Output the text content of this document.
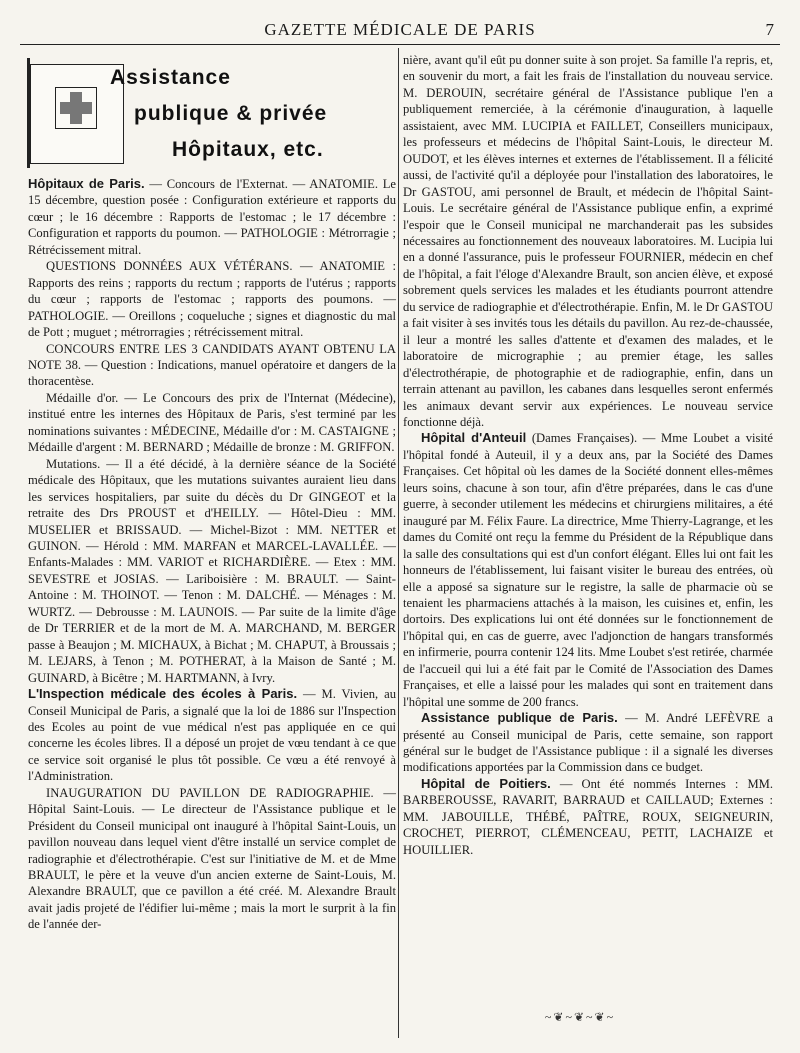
GAZETTE MÉDICALE DE PARIS	7
Assistance
publique & privée
Hôpitaux, etc.

Hôpitaux de Paris. — Concours de l'Externat. — ANATOMIE. Le 15 décembre, question posée : Configuration extérieure et rapports du cœur ; le 16 décembre : Rapports de l'estomac ; le 17 décembre : Configuration et rapports du poumon. — PATHOLOGIE : Métrorragie ; Rétrécissement mitral.

QUESTIONS DONNÉES AUX VÉTÉRANS. — ANATOMIE : Rapports des reins ; rapports du rectum ; rapports de l'utérus ; rapports du cœur ; rapports de l'estomac ; rapports des poumons. — PATHOLOGIE. — Oreillons ; coqueluche ; signes et diagnostic du mal de Pott ; muguet ; métrorragies ; rétrécissement mitral.

CONCOURS ENTRE LES 3 CANDIDATS AYANT OBTENU LA NOTE 38. — Question : Indications, manuel opératoire et dangers de la thoracentèse.

Médaille d'or. — Le Concours des prix de l'Internat (Médecine), institué entre les internes des Hôpitaux de Paris, s'est terminé par les nominations suivantes : MÉDECINE, Médaille d'or : M. CASTAIGNE ; Médaille d'argent : M. BERNARD ; Médaille de bronze : M. GRIFFON.

Mutations. — Il a été décidé, à la dernière séance de la Société médicale des Hôpitaux, que les mutations suivantes auraient lieu dans les services hospitaliers, par suite du décès du Dr GINGEOT et la retraite des Drs PROUST et d'HEILLY. — Hôtel-Dieu : MM. MUSELIER et BRISSAUD. — Michel-Bizot : MM. NETTER et GUINON. — Hérold : MM. MARFAN et MARCEL-LAVALLÉE. — Enfants-Malades : MM. VARIOT et RICHARDIÈRE. — Etex : MM. SEVESTRE et JOSIAS. — Lariboisière : M. BRAULT. — Saint-Antoine : M. THOINOT. — Tenon : M. DALCHÉ. — Ménages : M. WURTZ. — Debrousse : M. LAUNOIS. — Par suite de la limite d'âge de Dr TERRIER et de la mort de M. A. MARCHAND, M. BERGER passe à Beaujon ; M. MICHAUX, à Bichat ; M. CHAPUT, à Broussais ; M. LEJARS, à Tenon ; M. POTHERAT, à la Maison de Santé ; M. GUINARD, à Bicêtre ; M. HARTMANN, à Ivry.

L'Inspection médicale des écoles à Paris. — M. Vivien, au Conseil Municipal de Paris, a signalé que la loi de 1886 sur l'Inspection des Ecoles au point de vue médical n'est pas appliquée en ce qui concerne les écoles libres. Il a déposé un projet de vœu tendant à ce que ce service soit organisé le plus tôt possible. Ce vœu a été renvoyé à l'Administration.

INAUGURATION DU PAVILLON DE RADIOGRAPHIE. — Hôpital Saint-Louis. — Le directeur de l'Assistance publique et le Président du Conseil municipal ont inauguré à l'hôpital Saint-Louis, un pavillon nouveau dans lequel vient d'être installé un service complet de radiographie et d'électrothérapie. C'est sur l'initiative de M. et de Mme BRAULT, le père et la veuve d'un ancien externe de Saint-Louis, M. Alexandre BRAULT, que ce pavillon a été créé. M. Alexandre Brault avait jadis projeté de l'édifier lui-même ; mais la mort le surprit à la fin de l'année der-

nière, avant qu'il eût pu donner suite à son projet. Sa famille l'a repris, et, en souvenir du mort, a fait les frais de l'installation du nouveau service. M. DEROUIN, secrétaire général de l'Assistance publique l'en a publiquement remerciée, à la cérémonie d'inauguration, à laquelle assistaient, avec MM. LUCIPIA et FAILLET, Conseillers municipaux, les professeurs et médecins de l'hôpital Saint-Louis, le directeur M. OUDOT, et les élèves internes et externes de l'établissement. Il a félicité aussi, de l'activité qu'il a déployée pour l'installation des laboratoires, le Dr GASTOU, ami personnel de Brault, et médecin de l'hôpital Saint-Louis. Le secrétaire général de l'Assistance publique enfin, a exprimé l'espoir que le Conseil municipal ne marchanderait pas les subsides nécessaires au fonctionnement des nouveaux laboratoires. M. Lucipia lui en a donné l'assurance, puis le professeur FOURNIER, médecin en chef de l'hôpital, a fait l'éloge d'Alexandre Brault, son ancien élève, et exposé sobrement quels services les malades et les étudiants pourront attendre du service de radiographie et d'électrothérapie. Enfin, M. le Dr GASTOU a fait visiter à ses invités tous les détails du pavillon. Au rez-de-chaussée, il leur a montré les salles d'attente et d'examen des malades, et le laboratoire de micrographie ; au premier étage, les salles d'électrothérapie, de photographie et de radiographie, enfin, dans un terrain attenant au pavillon, les cabanes dans lesquelles seront enfermés les animaux devant servir aux expériences. Le nouveau service fonctionne déjà.

Hôpital d'Anteuil (Dames Françaises). — Mme Loubet a visité l'hôpital fondé à Auteuil, il y a deux ans, par la Société des Dames Françaises. Cet hôpital où les dames de la Société donnent elles-mêmes leurs soins, chacune à son tour, afin d'être préparées, dans le cas d'une guerre, à seconder utilement les médecins et chirurgiens militaires, a été inauguré par M. Félix Faure. La directrice, Mme Thierry-Lagrange, et les dames du Comité ont reçu la femme du Président de la République dans la salle des consultations qui est d'un confort élégant. Elles lui ont fait les honneurs de l'établissement, lui faisant visiter le bureau des entrées, où elle a apposé sa signature sur le registre, la salle de pharmacie où se tenaient les pharmaciens attachés à la maison, les cuisines et, enfin, les dortoirs. Des explications lui ont été données sur le fonctionnement de l'hôpital qui, en cas de guerre, avec l'adjonction de hangars transformés en infirmerie, pourra contenir 124 lits. Mme Loubet s'est retirée, charmée de l'accueil qui lui a été fait par le Comité de l'Association des Dames Françaises, et elle a laissé pour les malades qui sont en traitement dans l'hôpital une somme de 200 francs.

Assistance publique de Paris. — M. André LEFÈVRE a présenté au Conseil municipal de Paris, cette semaine, son rapport général sur le budget de l'Assistance publique : il a signalé les diverses modifications apportées par la Commission dans ce budget.

Hôpital de Poitiers. — Ont été nommés Internes : MM. BARBEROUSSE, RAVARIT, BARRAUD et CAILLAUD; Externes : MM. JABOUILLE, THÉBÉ, PAÎTRE, ROUX, SEIGNEURIN, CROCHET, PIERROT, CLÉMENCEAU, PETIT, LACHAIZE et HOUILLIER.

~❦~❦~❦~
